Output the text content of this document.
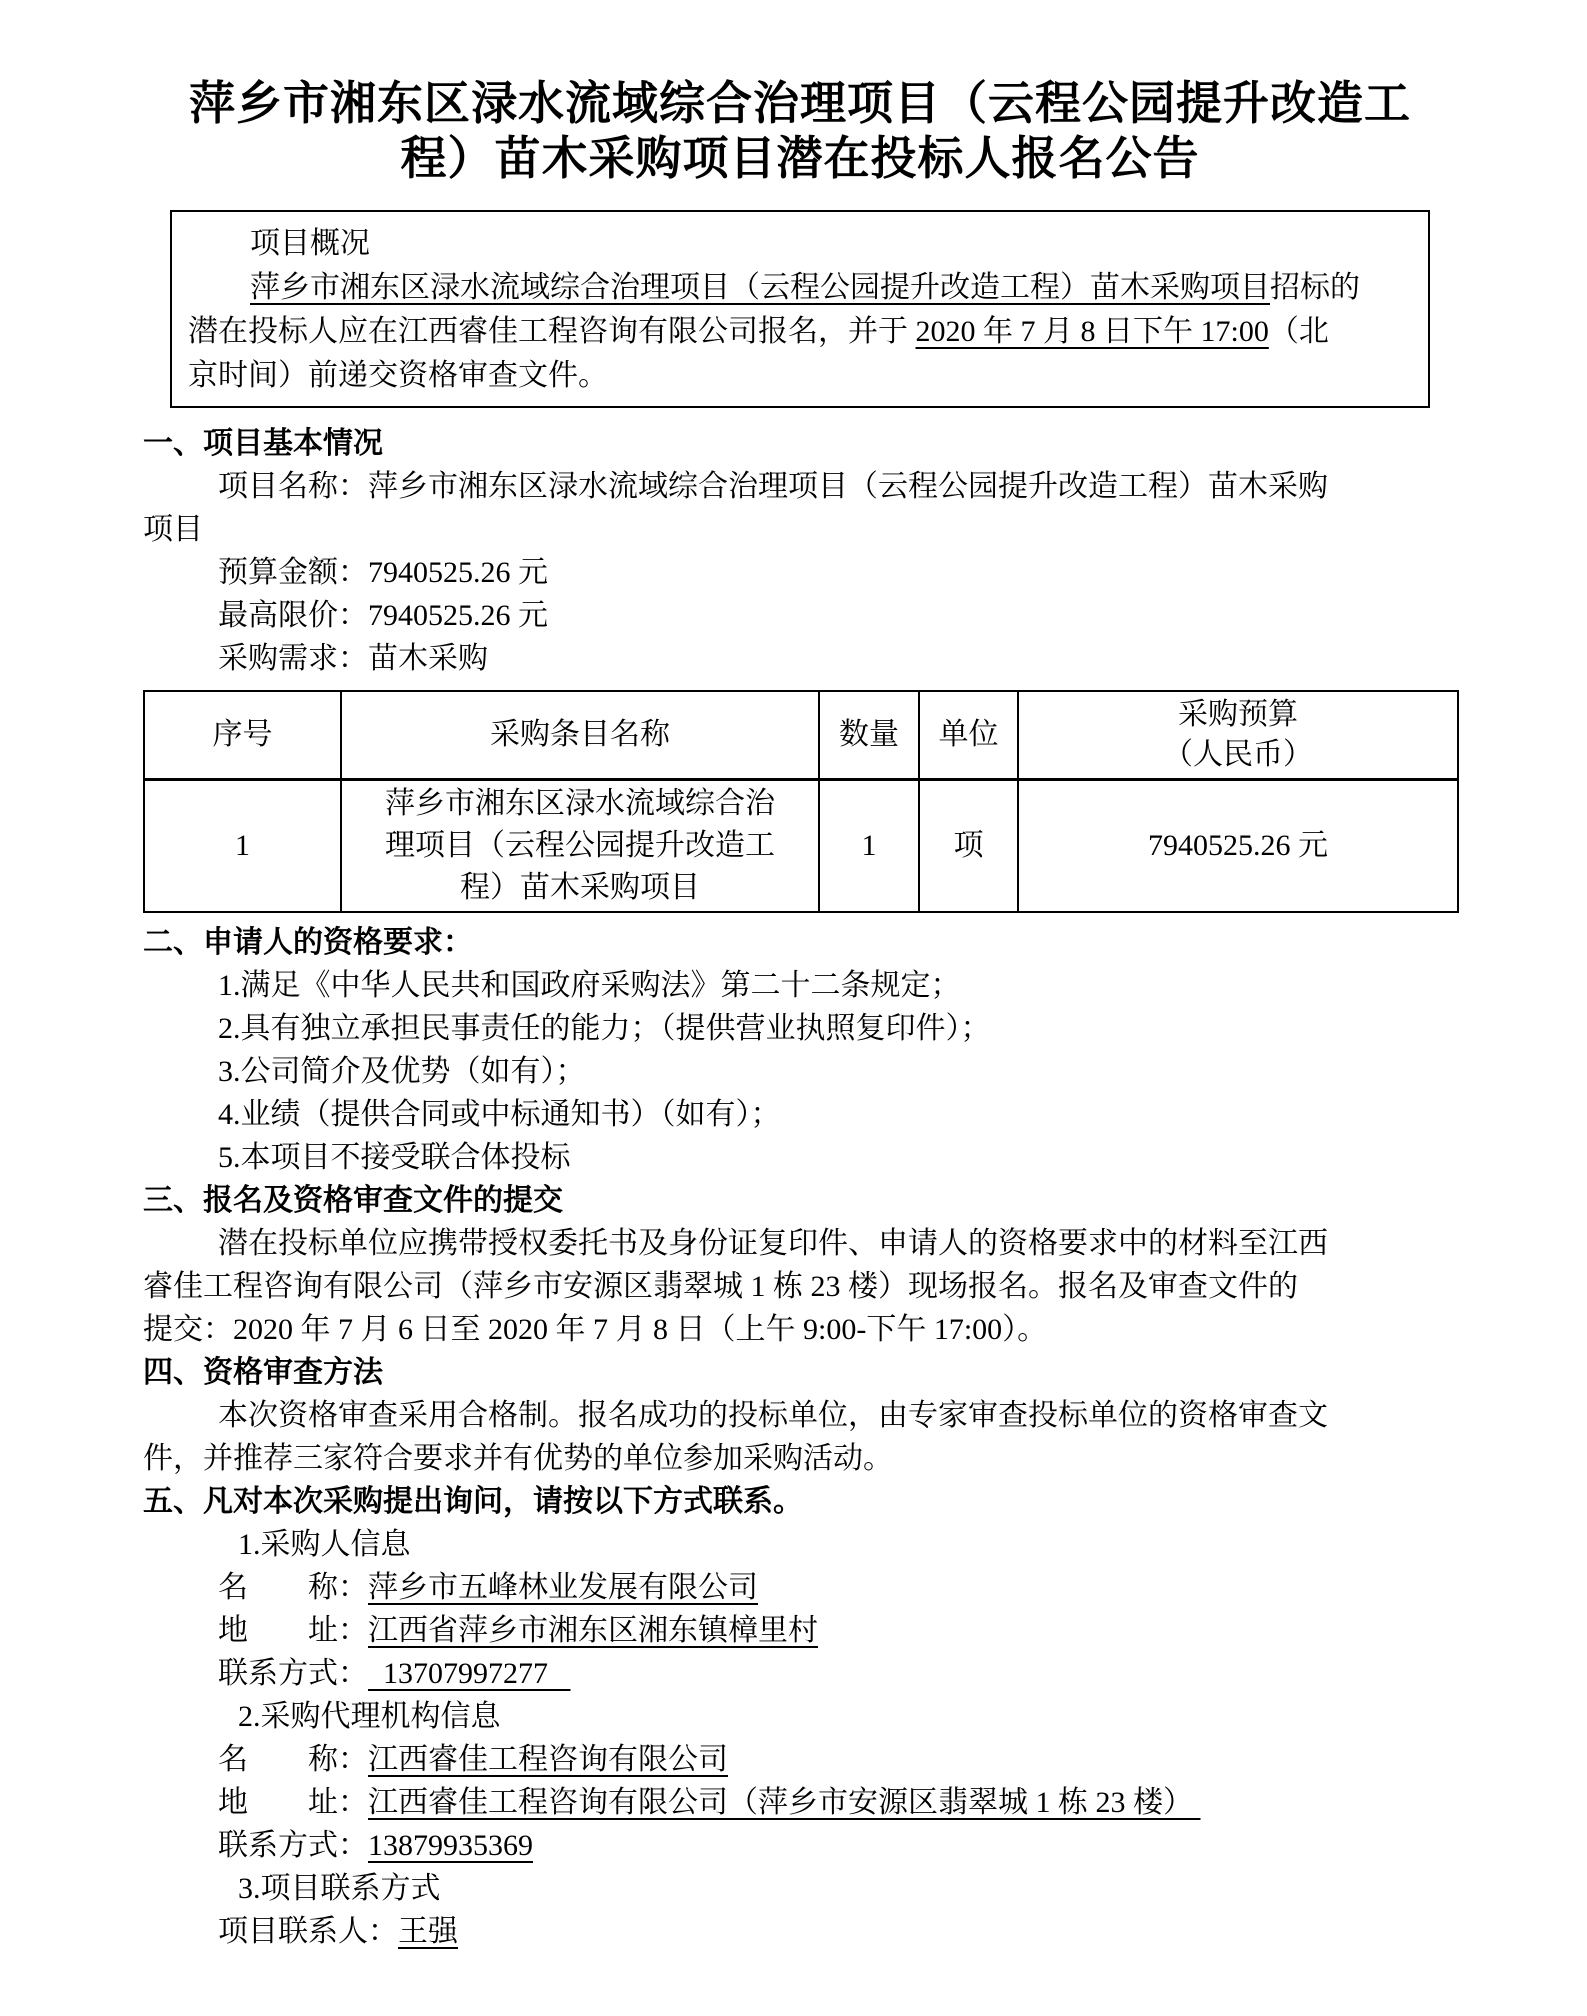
萍乡市湘东区渌水流域综合治理项目（云程公园提升改造工
程）苗木采购项目潜在投标人报名公告
项目概况
萍乡市湘东区渌水流域综合治理项目（云程公园提升改造工程）苗木采购项目招标的
潜在投标人应在江西睿佳工程咨询有限公司报名，并于 2020 年 7 月 8 日下午 17:00（北
京时间）前递交资格审查文件。
一、项目基本情况
项目名称：萍乡市湘东区渌水流域综合治理项目（云程公园提升改造工程）苗木采购
项目
预算金额：7940525.26 元
最高限价：7940525.26 元
采购需求：苗木采购
序号	采购条目名称	数量	单位	采购预算
（人民币）

1	萍乡市湘东区渌水流域综合治
理项目（云程公园提升改造工
程）苗木采购项目	1	项	7940525.26 元
二、申请人的资格要求：
1.满足《中华人民共和国政府采购法》第二十二条规定；
2.具有独立承担民事责任的能力；（提供营业执照复印件）；
3.公司简介及优势（如有）；
4.业绩（提供合同或中标通知书）（如有）；
5.本项目不接受联合体投标
三、报名及资格审查文件的提交
潜在投标单位应携带授权委托书及身份证复印件、申请人的资格要求中的材料至江西
睿佳工程咨询有限公司（萍乡市安源区翡翠城 1 栋 23 楼）现场报名。报名及审查文件的
提交：2020 年 7 月 6 日至 2020 年 7 月 8 日（上午 9:00-下午 17:00）。
四、资格审查方法
本次资格审查采用合格制。报名成功的投标单位，由专家审查投标单位的资格审查文
件，并推荐三家符合要求并有优势的单位参加采购活动。
五、凡对本次采购提出询问，请按以下方式联系。
1.采购人信息
名　　称：萍乡市五峰林业发展有限公司
地　　址：江西省萍乡市湘东区湘东镇樟里村
联系方式：  13707997277
2.采购代理机构信息
名　　称：江西睿佳工程咨询有限公司
地　　址：江西睿佳工程咨询有限公司（萍乡市安源区翡翠城 1 栋 23 楼）
联系方式：13879935369
3.项目联系方式
项目联系人：王强
